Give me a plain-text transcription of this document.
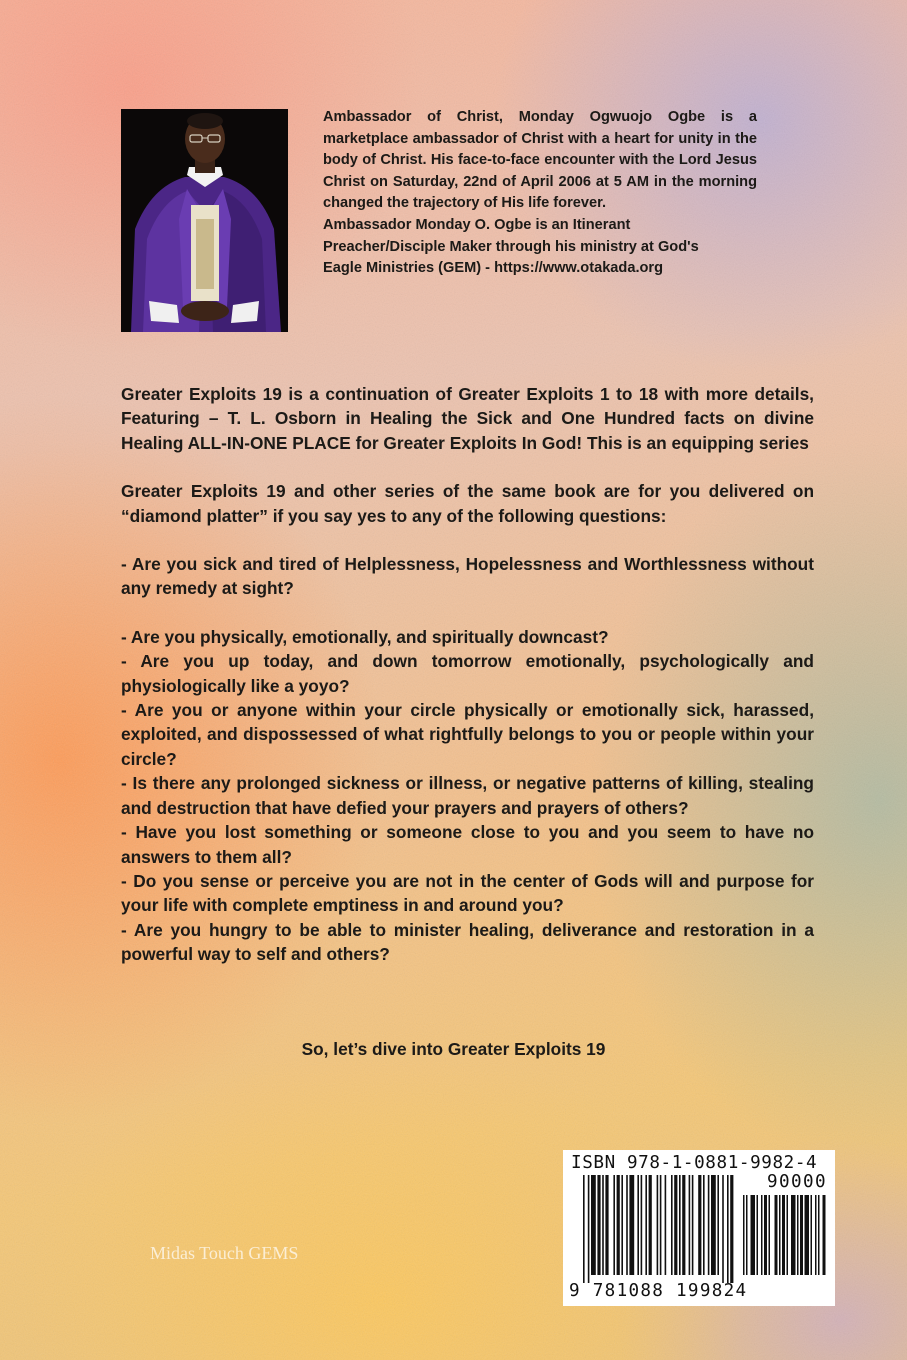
Ambassador of Christ, Monday Ogwuojo Ogbe is a marketplace ambassador of Christ with a heart for unity in the body of Christ. His face-to-face encounter with the Lord Jesus Christ on Saturday, 22nd of April 2006 at 5 AM in the morning changed the trajectory of His life forever.

Ambassador Monday O. Ogbe is an Itinerant
Preacher/Disciple Maker through his ministry at God's
Eagle Ministries (GEM) - https://www.otakada.org

Greater Exploits 19 is a continuation of Greater Exploits 1 to 18 with more details, Featuring – T. L. Osborn in Healing the Sick and One Hundred facts on divine Healing ALL-IN-ONE PLACE for Greater Exploits In God! This is an equipping series

Greater Exploits 19 and other series of the same book are for you delivered on “diamond platter” if you say yes to any of the following questions:

- Are you sick and tired of Helplessness, Hopelessness and Worthlessness without any remedy at sight?

- Are you physically, emotionally, and spiritually downcast?

- Are you up today, and down tomorrow emotionally, psychologically and physiologically like a yoyo?

- Are you or anyone within your circle physically or emotionally sick, harassed, exploited, and dispossessed of what rightfully belongs to you or people within your circle?

- Is there any prolonged sickness or illness, or negative patterns of killing, stealing and destruction that have defied your prayers and prayers of others?

- Have you lost something or someone close to you and you seem to have no answers to them all?

- Do you sense or perceive you are not in the center of Gods will and purpose for your life with complete emptiness in and around you?

- Are you hungry to be able to minister healing, deliverance and restoration in a powerful way to self and others?

So, let’s dive into Greater Exploits 19
Midas Touch GEMS
ISBN 978-1-0881-9982-4
90000
9 781088 199824
